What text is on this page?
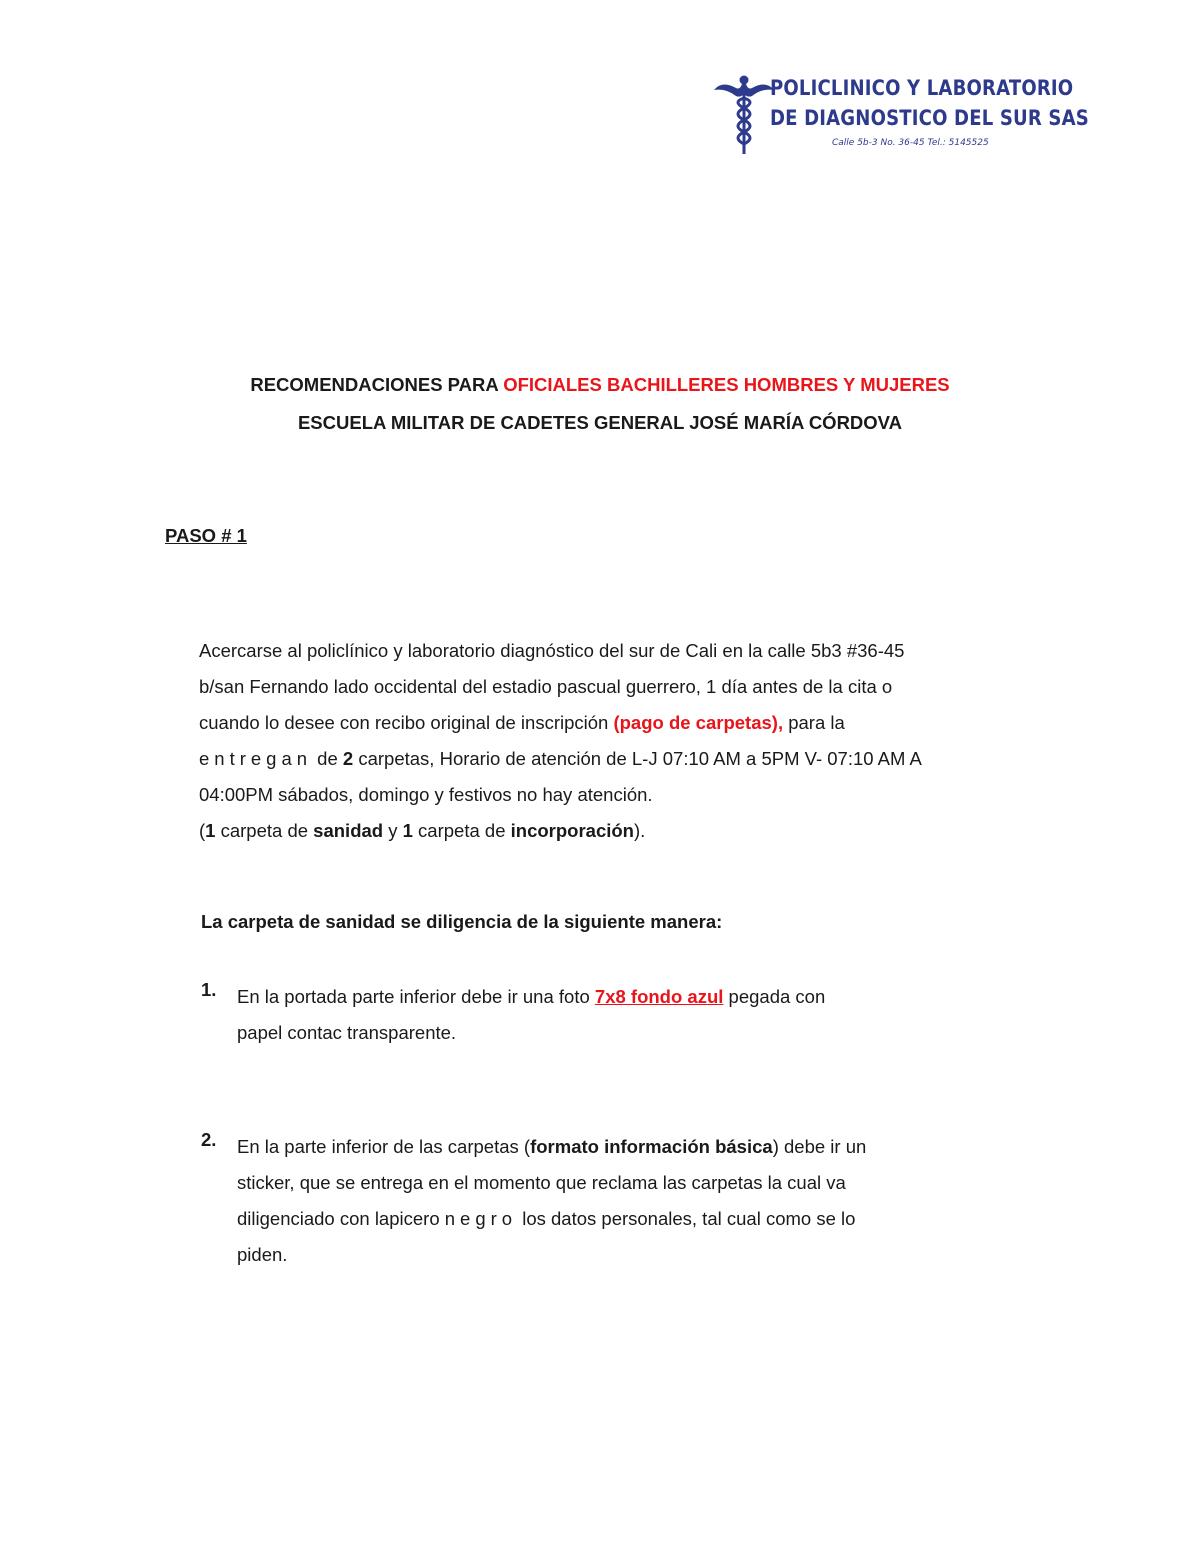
POLICLINICO Y LABORATORIO
DE DIAGNOSTICO DEL SUR SAS
Calle 5b-3 No. 36-45 Tel.: 5145525
RECOMENDACIONES PARA OFICIALES BACHILLERES HOMBRES Y MUJERES
ESCUELA MILITAR DE CADETES GENERAL JOSÉ MARÍA CÓRDOVA
PASO # 1
Acercarse al policlínico y laboratorio diagnóstico del sur de Cali en la calle 5b3 #36-45
b/san Fernando lado occidental del estadio pascual guerrero, 1 día antes de la cita o
cuando lo desee con recibo original de inscripción (pago de carpetas), para la
entregan de 2 carpetas, Horario de atención de L-J 07:10 AM a 5PM V- 07:10 AM A
04:00PM sábados, domingo y festivos no hay atención.
(1 carpeta de sanidad y 1 carpeta de incorporación).
La carpeta de sanidad se diligencia de la siguiente manera:
1. En la portada parte inferior debe ir una foto 7x8 fondo azul pegada con
papel contac transparente.
2. En la parte inferior de las carpetas (formato información básica) debe ir un
sticker, que se entrega en el momento que reclama las carpetas la cual va
diligenciado con lapicero negro los datos personales, tal cual como se lo
piden.
